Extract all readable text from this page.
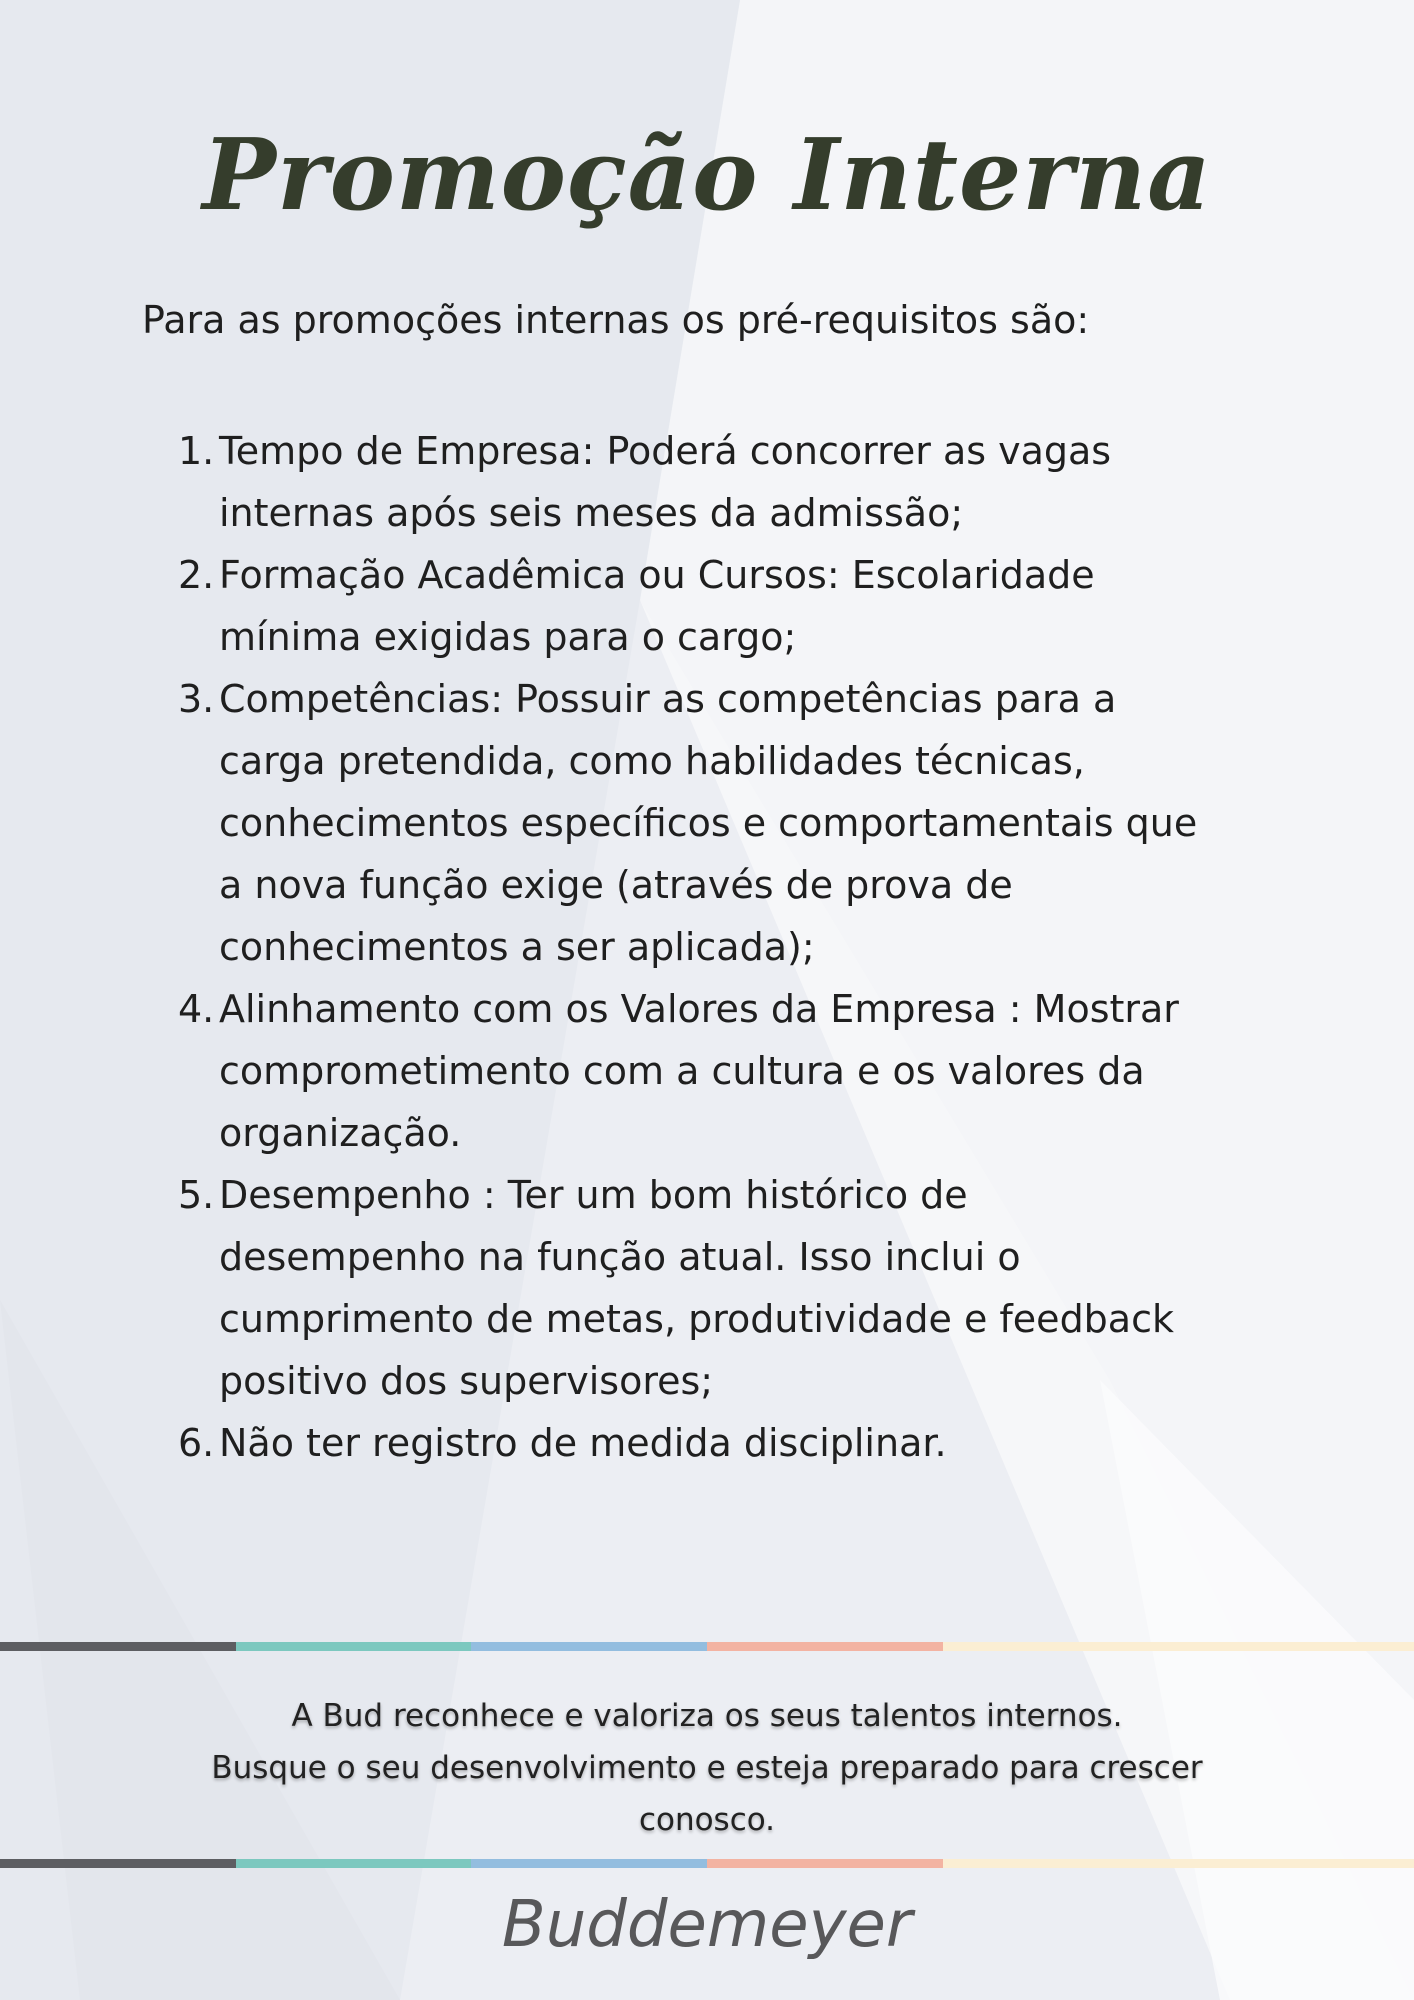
Promoção Interna

Para as promoções internas os pré-requisitos são:

1. Tempo de Empresa: Poderá concorrer as vagas
internas após seis meses da admissão;
2. Formação Acadêmica ou Cursos: Escolaridade
mínima exigidas para o cargo;
3. Competências: Possuir as competências para a
carga pretendida, como habilidades técnicas,
conhecimentos específicos e comportamentais que
a nova função exige (através de prova de
conhecimentos a ser aplicada);
4. Alinhamento com os Valores da Empresa : Mostrar
comprometimento com a cultura e os valores da
organização.
5. Desempenho : Ter um bom histórico de
desempenho na função atual. Isso inclui o
cumprimento de metas, produtividade e feedback
positivo dos supervisores;
6. Não ter registro de medida disciplinar.

A Bud reconhece e valoriza os seus talentos internos.
Busque o seu desenvolvimento e esteja preparado para crescer
conosco.

Buddemeyer
